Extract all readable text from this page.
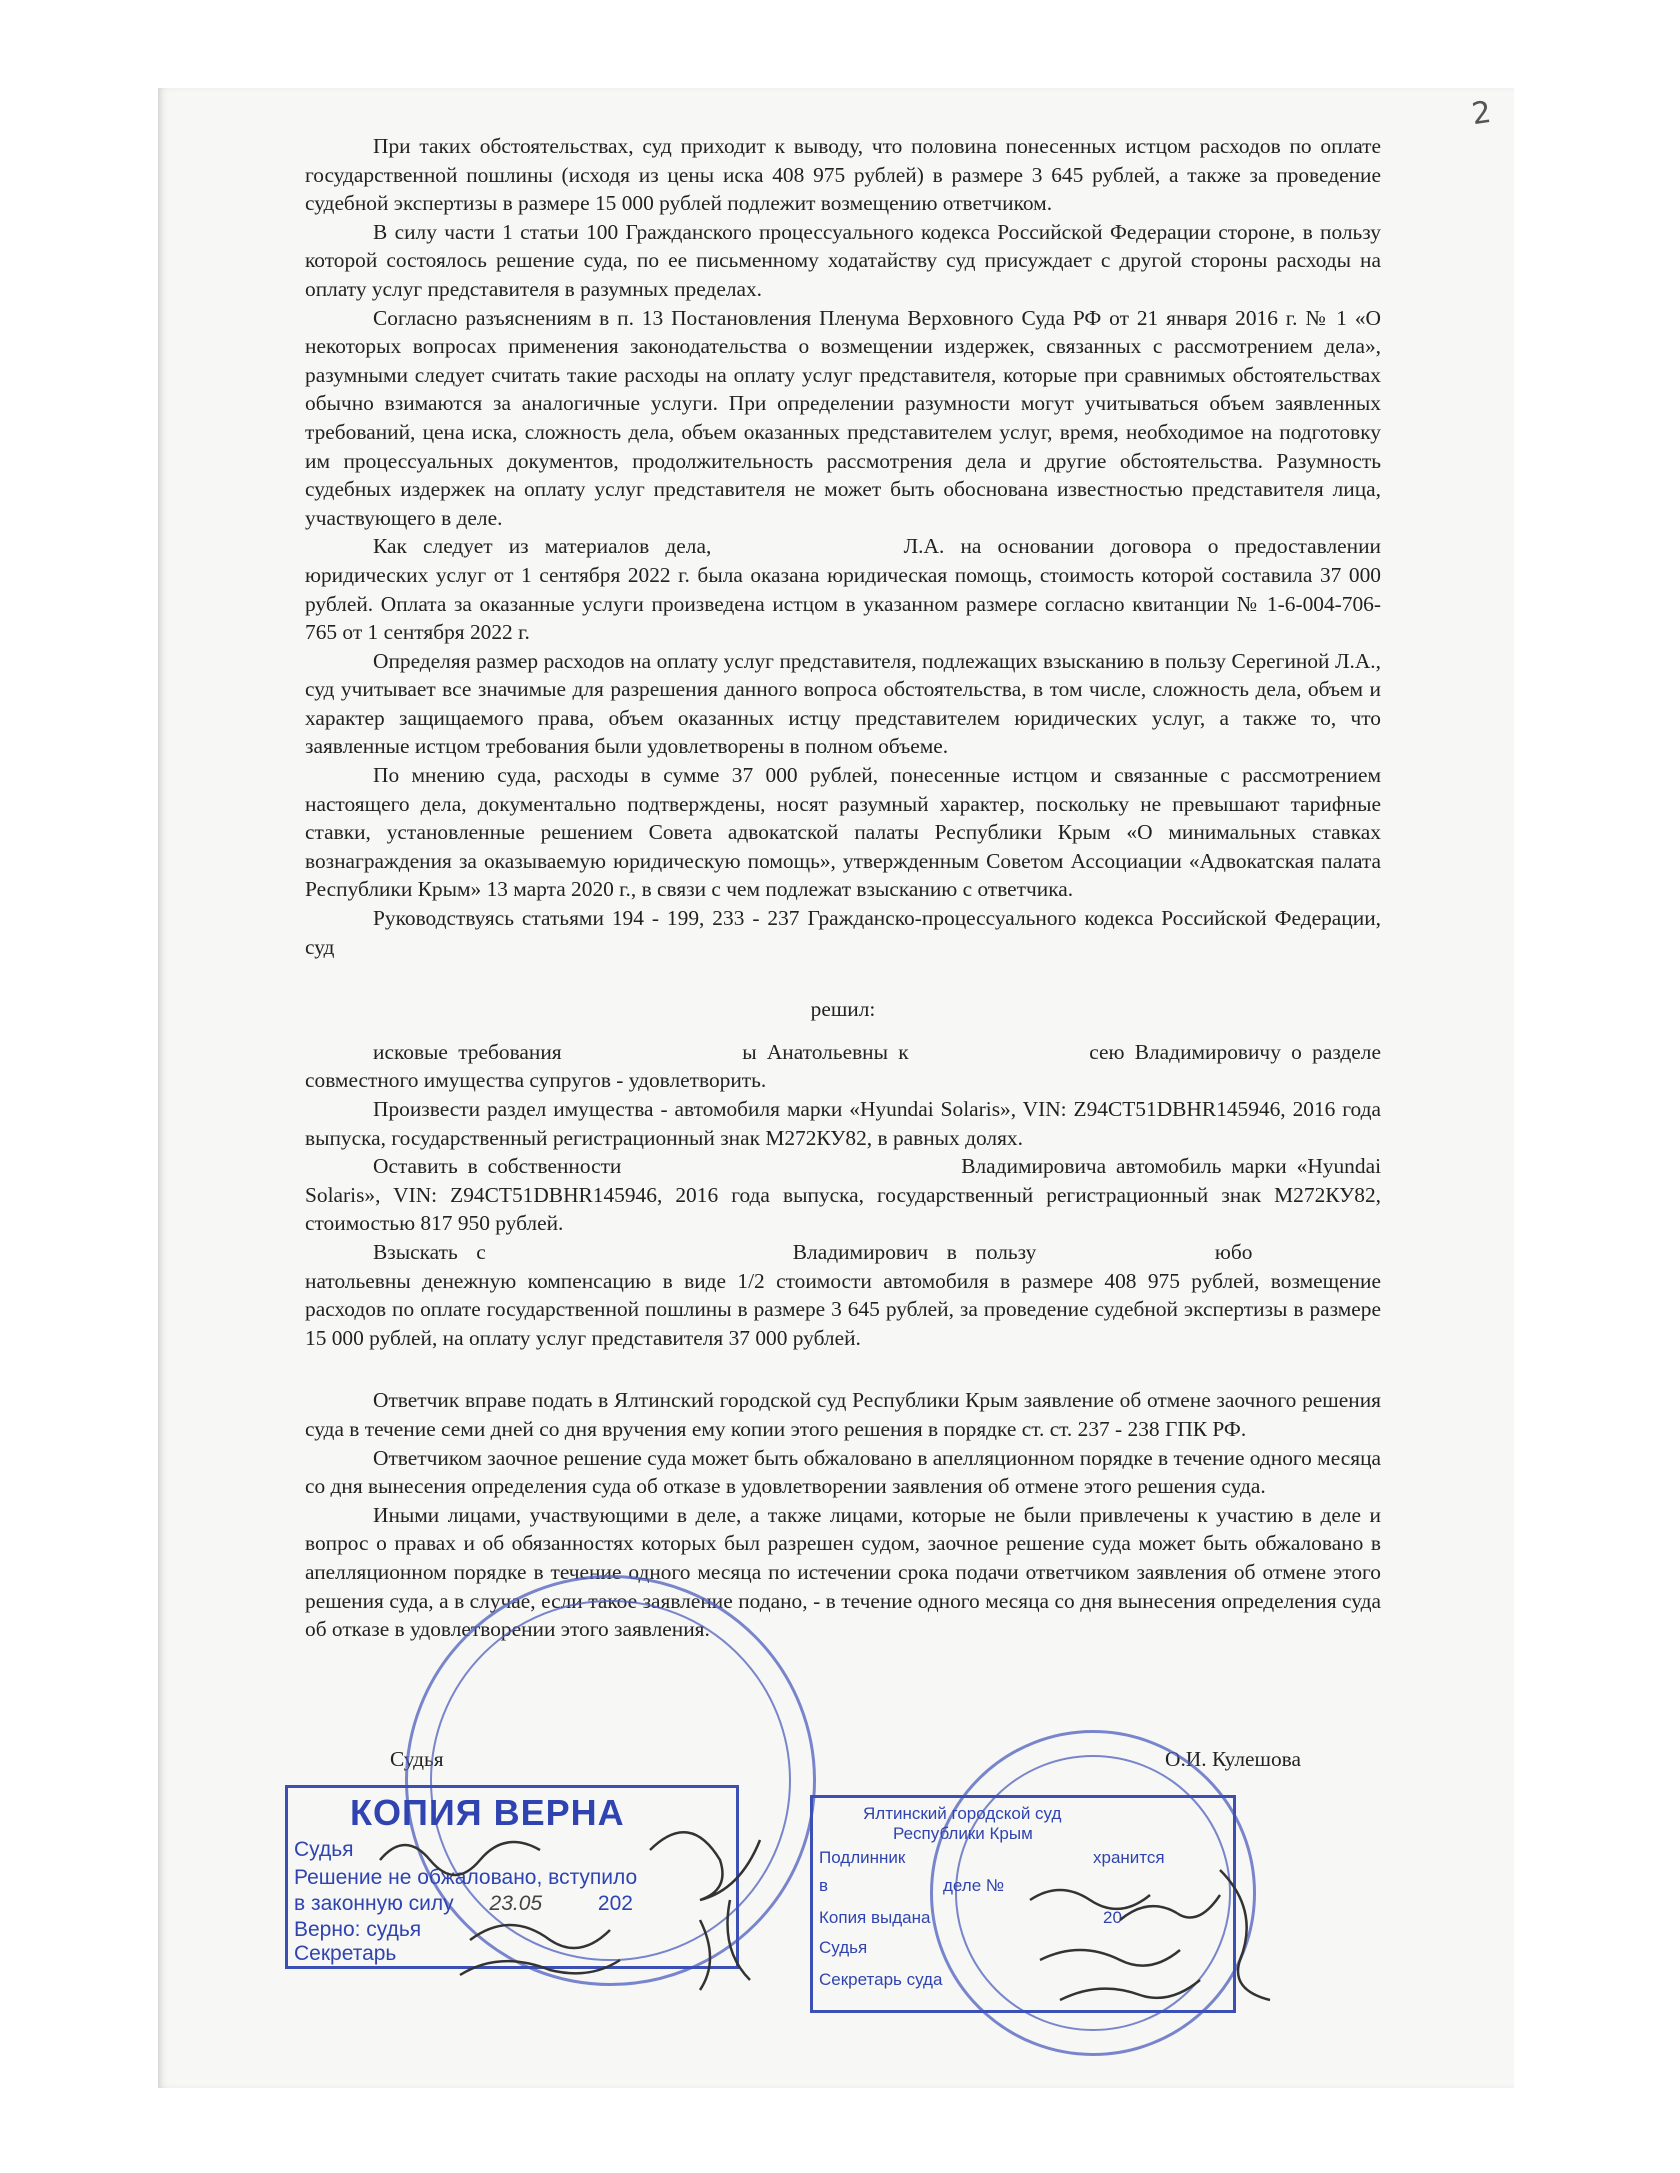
2

При таких обстоятельствах, суд приходит к выводу, что половина понесенных истцом расходов по оплате государственной пошлины (исходя из цены иска 408 975 рублей) в размере 3 645 рублей, а также за проведение судебной экспертизы в размере 15 000 рублей подлежит возмещению ответчиком.

В силу части 1 статьи 100 Гражданского процессуального кодекса Российской Федерации стороне, в пользу которой состоялось решение суда, по ее письменному ходатайству суд присуждает с другой стороны расходы на оплату услуг представителя в разумных пределах.

Согласно разъяснениям в п. 13 Постановления Пленума Верховного Суда РФ от 21 января 2016 г. № 1 «О некоторых вопросах применения законодательства о возмещении издержек, связанных с рассмотрением дела», разумными следует считать такие расходы на оплату услуг представителя, которые при сравнимых обстоятельствах обычно взимаются за аналогичные услуги. При определении разумности могут учитываться объем заявленных требований, цена иска, сложность дела, объем оказанных представителем услуг, время, необходимое на подготовку им процессуальных документов, продолжительность рассмотрения дела и другие обстоятельства. Разумность судебных издержек на оплату услуг представителя не может быть обоснована известностью представителя лица, участвующего в деле.

Как следует из материалов дела,	Л.А. на основании договора о предоставлении юридических услуг от 1 сентября 2022 г. была оказана юридическая помощь, стоимость которой составила 37 000 рублей. Оплата за оказанные услуги произведена истцом в указанном размере согласно квитанции № 1-6-004-706-765 от 1 сентября 2022 г.

Определяя размер расходов на оплату услуг представителя, подлежащих взысканию в пользу Серегиной Л.А., суд учитывает все значимые для разрешения данного вопроса обстоятельства, в том числе, сложность дела, объем и характер защищаемого права, объем оказанных истцу представителем юридических услуг, а также то, что заявленные истцом требования были удовлетворены в полном объеме.

По мнению суда, расходы в сумме 37 000 рублей, понесенные истцом и связанные с рассмотрением настоящего дела, документально подтверждены, носят разумный характер, поскольку не превышают тарифные ставки, установленные решением Совета адвокатской палаты Республики Крым «О минимальных ставках вознаграждения за оказываемую юридическую помощь», утвержденным Советом Ассоциации «Адвокатская палата Республики Крым» 13 марта 2020 г., в связи с чем подлежат взысканию с ответчика.

Руководствуясь статьями 194 - 199, 233 - 237 Гражданско-процессуального кодекса Российской Федерации, суд

решил:

исковые требования	ы Анатольевны к	сею Владимировичу о разделе совместного имущества супругов - удовлетворить.

Произвести раздел имущества - автомобиля марки «Hyundai Solaris», VIN: Z94CT51DBHR145946, 2016 года выпуска, государственный регистрационный знак М272КУ82, в равных долях.

Оставить в собственности	Владимировича автомобиль марки «Hyundai Solaris», VIN: Z94CT51DBHR145946, 2016 года выпуска, государственный регистрационный знак М272КУ82, стоимостью 817 950 рублей.

Взыскать с	Владимирович в пользу	юбо  натольевны денежную компенсацию в виде 1/2 стоимости автомобиля в размере 408 975 рублей, возмещение расходов по оплате государственной пошлины в размере 3 645 рублей, за проведение судебной экспертизы в размере 15 000 рублей, на оплату услуг представителя 37 000 рублей.

Ответчик вправе подать в Ялтинский городской суд Республики Крым заявление об отмене заочного решения суда в течение семи дней со дня вручения ему копии этого решения в порядке ст. ст. 237 - 238 ГПК РФ.

Ответчиком заочное решение суда может быть обжаловано в апелляционном порядке в течение одного месяца со дня вынесения определения суда об отказе в удовлетворении заявления об отмене этого решения суда.

Иными лицами, участвующими в деле, а также лицами, которые не были привлечены к участию в деле и вопрос о правах и об обязанностях которых был разрешен судом, заочное решение суда может быть обжаловано в апелляционном порядке в течение одного месяца по истечении срока подачи ответчиком заявления об отмене этого решения суда, а в случае, если такое заявление подано, - в течение одного месяца со дня вынесения определения суда об отказе в удовлетворении этого заявления.

Судья	О.И. Кулешова
КОПИЯ ВЕРНА
Судья
Решение не обжаловано, вступило
в законную силу 23.05	202
Верно: судья
Секретарь
Ялтинский городской суд
Республики Крым
Подлинник	хранится
в	деле №
Копия выдана	20
Судья
Секретарь суда
